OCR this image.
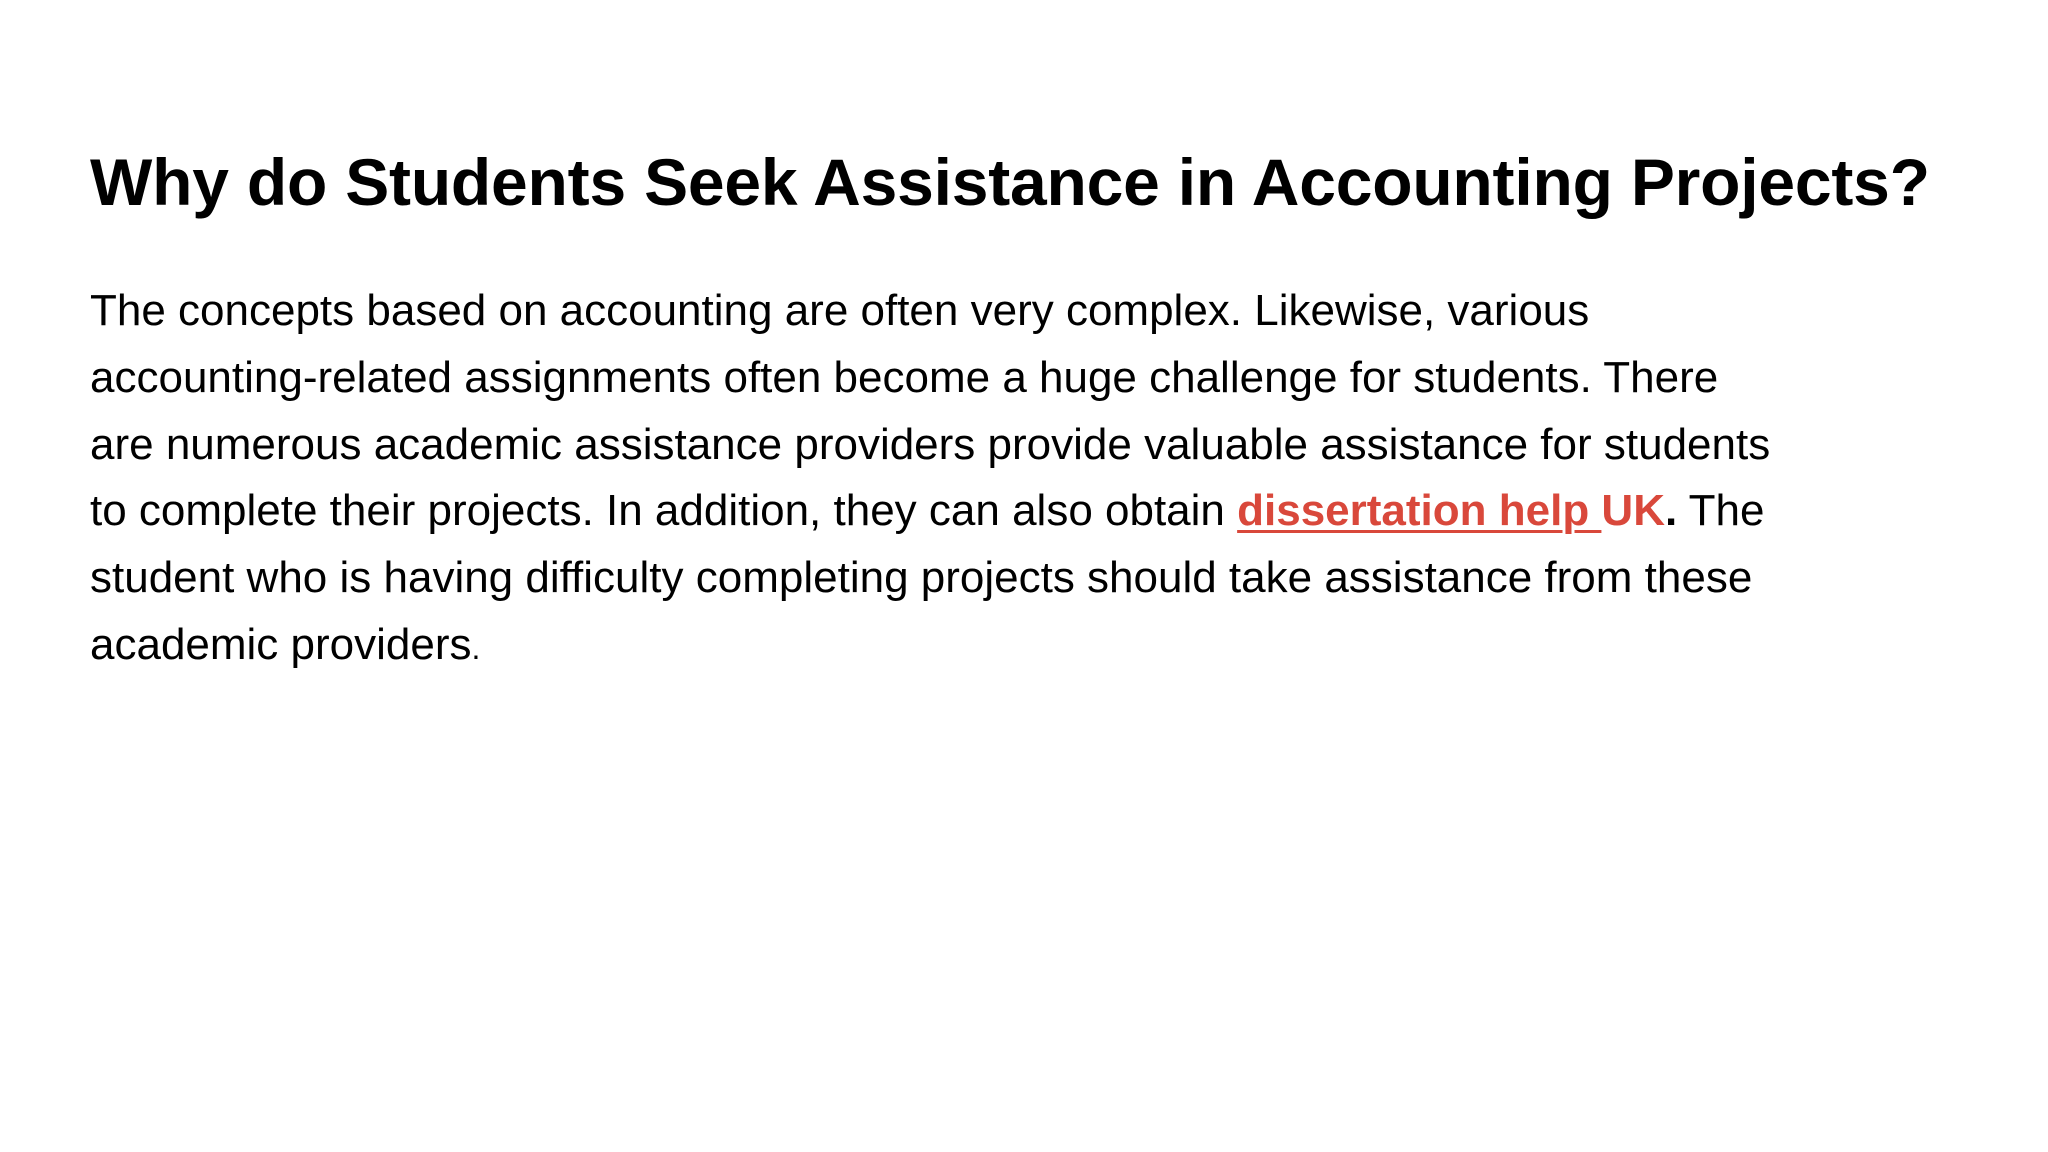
Why do Students Seek Assistance in Accounting Projects?

The concepts based on accounting are often very complex. Likewise, various
accounting-related assignments often become a huge challenge for students. There
are numerous academic assistance providers provide valuable assistance for students
to complete their projects. In addition, they can also obtain dissertation help UK. The
student who is having difficulty completing projects should take assistance from these
academic providers.
